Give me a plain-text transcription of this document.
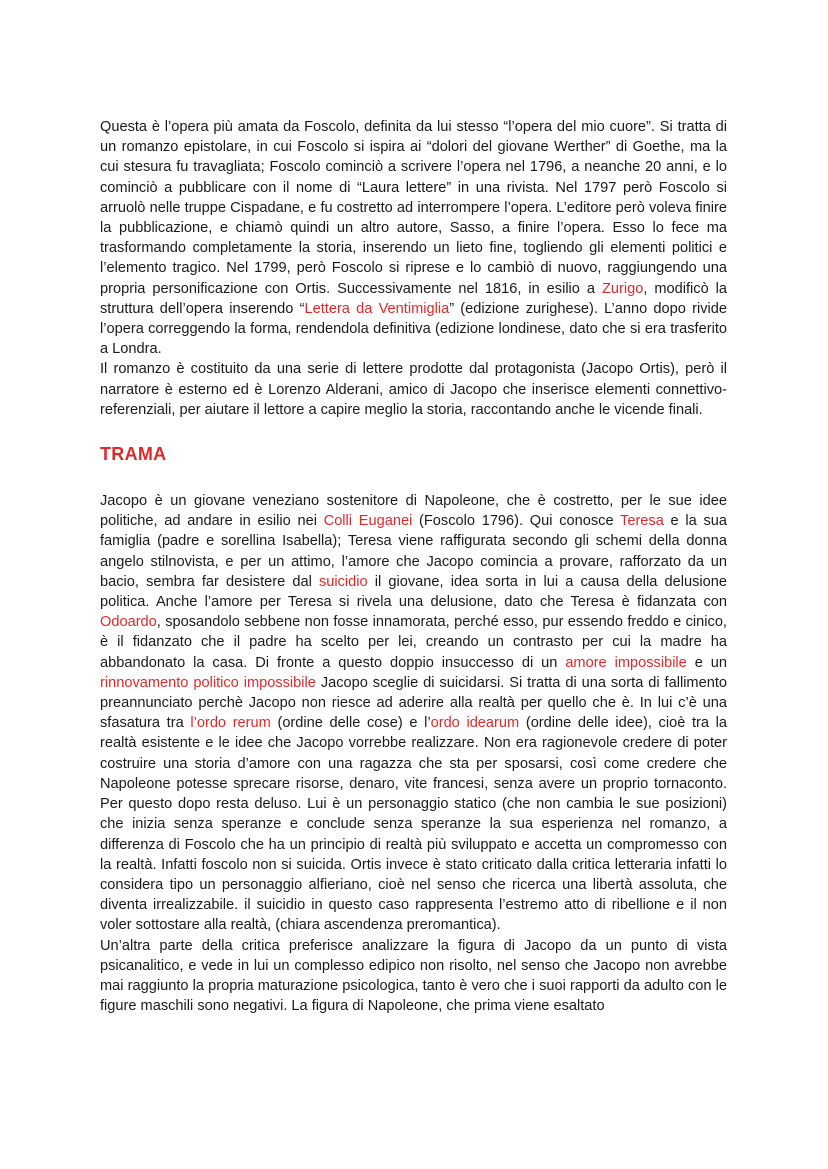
Questa è l’opera più amata da Foscolo, definita da lui stesso “l’opera del mio cuore”. Si tratta di un romanzo epistolare, in cui Foscolo si ispira ai “dolori del giovane Werther” di Goethe, ma la cui stesura fu travagliata; Foscolo cominciò a scrivere l’opera nel 1796, a neanche 20 anni, e lo cominciò a pubblicare con il nome di “Laura lettere” in una rivista. Nel 1797 però Foscolo si arruolò nelle truppe Cispadane, e fu costretto ad interrompere l’opera. L’editore però voleva finire la pubblicazione, e chiamò quindi un altro autore, Sasso, a finire l’opera. Esso lo fece ma trasformando completamente la storia, inserendo un lieto fine, togliendo gli elementi politici e l’elemento tragico. Nel 1799, però Foscolo si riprese e lo cambiò di nuovo, raggiungendo una propria personificazione con Ortis. Successivamente nel 1816, in esilio a Zurigo, modificò la struttura dell’opera inserendo “Lettera da Ventimiglia” (edizione zurighese). L’anno dopo rivide l’opera correggendo la forma, rendendola definitiva (edizione londinese, dato che si era trasferito a Londra.

Il romanzo è costituito da una serie di lettere prodotte dal protagonista (Jacopo Ortis), però il narratore è esterno ed è Lorenzo Alderani, amico di Jacopo che inserisce elementi connettivo-referenziali, per aiutare il lettore a capire meglio la storia, raccontando anche le vicende finali.

TRAMA

Jacopo è un giovane veneziano sostenitore di Napoleone, che è costretto, per le sue idee politiche, ad andare in esilio nei Colli Euganei (Foscolo 1796). Qui conosce Teresa e la sua famiglia (padre e sorellina Isabella); Teresa viene raffigurata secondo gli schemi della donna angelo stilnovista, e per un attimo, l’amore che Jacopo comincia a provare, rafforzato da un bacio, sembra far desistere dal suicidio il giovane, idea sorta in lui a causa della delusione politica. Anche l’amore per Teresa si rivela una delusione, dato che Teresa è fidanzata con Odoardo, sposandolo sebbene non fosse innamorata, perché esso, pur essendo freddo e cinico, è il fidanzato che il padre ha scelto per lei, creando un contrasto per cui la madre ha abbandonato la casa. Di fronte a questo doppio insuccesso di un amore impossibile e un rinnovamento politico impossibile Jacopo sceglie di suicidarsi. Si tratta di una sorta di fallimento preannunciato perchè Jacopo non riesce ad aderire alla realtà per quello che è. In lui c’è una sfasatura tra l’ordo rerum (ordine delle cose) e l’ordo idearum (ordine delle idee), cioè tra la realtà esistente e le idee che Jacopo vorrebbe realizzare. Non era ragionevole credere di poter costruire una storia d’amore con una ragazza che sta per sposarsi, così come credere che Napoleone potesse sprecare risorse, denaro, vite francesi, senza avere un proprio tornaconto. Per questo dopo resta deluso. Lui è un personaggio statico (che non cambia le sue posizioni) che inizia senza speranze e conclude senza speranze la sua esperienza nel romanzo, a differenza di Foscolo che ha un principio di realtà più sviluppato e accetta un compromesso con la realtà. Infatti foscolo non si suicida. Ortis invece è stato criticato dalla critica letteraria infatti lo considera tipo un personaggio alfieriano, cioè nel senso che ricerca una libertà assoluta, che diventa irrealizzabile. il suicidio in questo caso rappresenta l’estremo atto di ribellione e il non voler sottostare alla realtà, (chiara ascendenza preromantica).

Un’altra parte della critica preferisce analizzare la figura di Jacopo da un punto di vista psicanalitico, e vede in lui un complesso edipico non risolto, nel senso che Jacopo non avrebbe mai raggiunto la propria maturazione psicologica, tanto è vero che i suoi rapporti da adulto con le figure maschili sono negativi. La figura di Napoleone, che prima viene esaltato
